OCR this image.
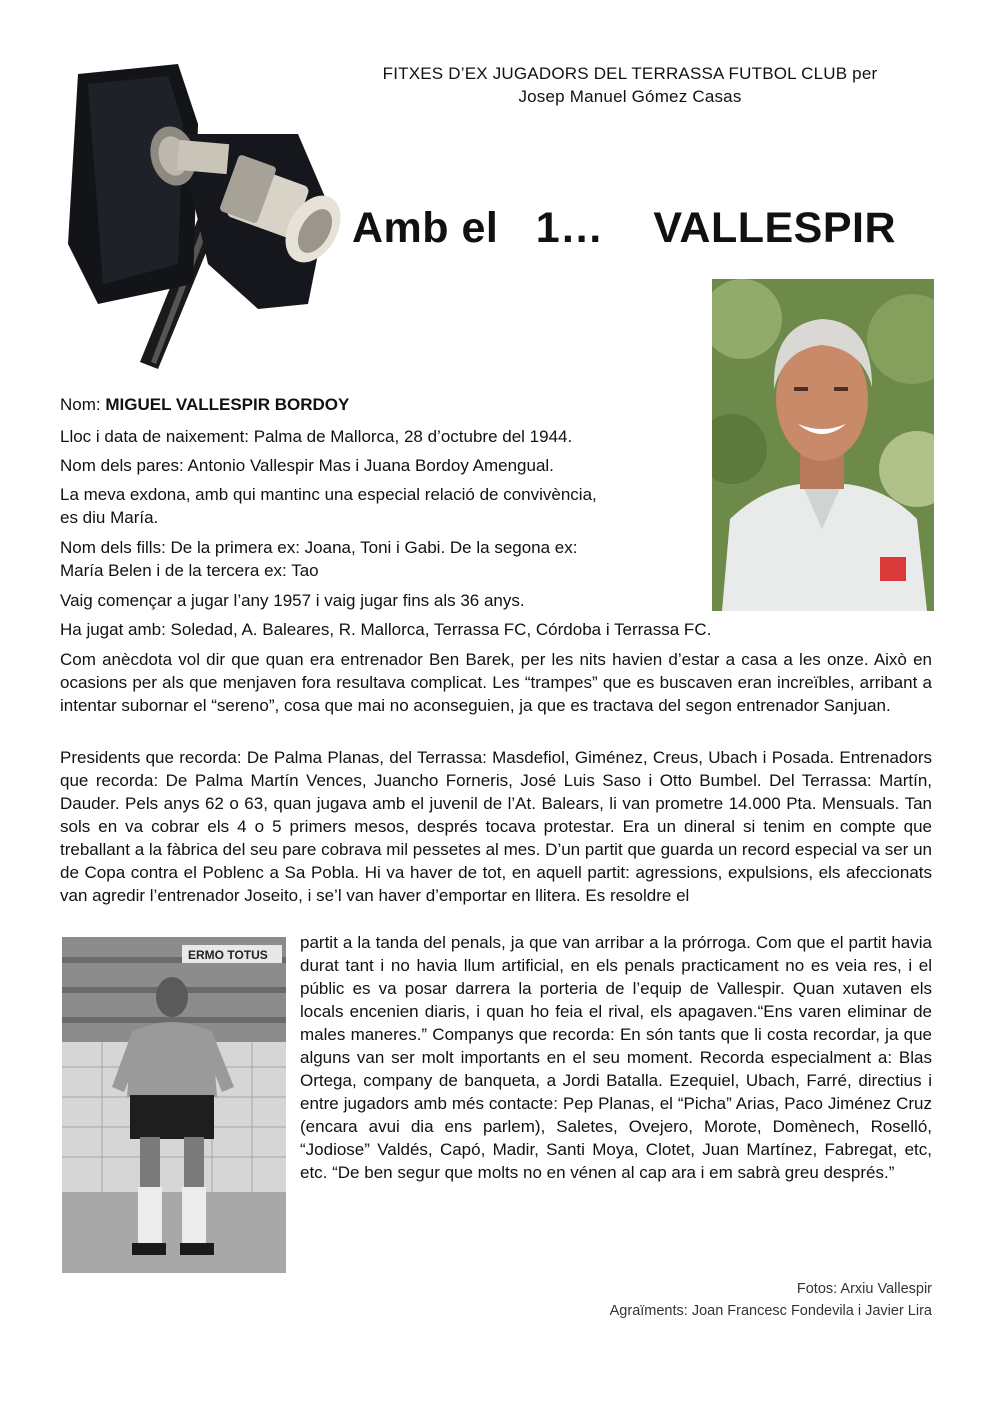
FITXES D’EX JUGADORS DEL TERRASSA FUTBOL CLUB per
Josep Manuel Gómez Casas
Amb el   1…    VALLESPIR
Nom: MIGUEL VALLESPIR BORDOY
Lloc i data de naixement: Palma de Mallorca, 28 d’octubre del 1944.
Nom dels pares: Antonio Vallespir Mas i Juana Bordoy Amengual.
La meva exdona, amb qui mantinc una especial relació de convivència,
es diu María.
Nom dels fills: De la primera ex: Joana, Toni i Gabi. De la segona ex:
María Belen i de la tercera ex: Tao
Vaig començar a jugar l’any 1957 i vaig jugar fins als 36 anys.
Ha jugat amb: Soledad, A. Baleares, R. Mallorca, Terrassa FC, Córdoba i Terrassa FC.
Com anècdota vol dir que quan era entrenador Ben Barek, per les nits havien d’estar a casa a les onze. Això en ocasions per als que menjaven fora resultava complicat. Les “trampes” que es buscaven eran increïbles, arribant a intentar subornar el “sereno”, cosa que mai no aconseguien, ja que es tractava del segon entrenador Sanjuan.
Presidents que recorda: De Palma Planas, del Terrassa: Masdefiol, Giménez, Creus, Ubach i Posada. Entrenadors que recorda: De Palma Martín Vences, Juancho Forneris, José Luis Saso i Otto Bumbel. Del Terrassa: Martín, Dauder. Pels anys 62 o 63, quan jugava amb el juvenil de l’At. Balears, li van prometre 14.000 Pta. Mensuals. Tan sols en va cobrar els 4 o 5 primers mesos, després tocava protestar. Era un dineral si tenim en compte que treballant a la fàbrica del seu pare cobrava mil pessetes al mes. D’un partit que guarda un record especial va ser un de Copa contra el Poblenc a Sa Pobla. Hi va haver de tot, en aquell partit: agressions, expulsions, els afeccionats van agredir l’entrenador Joseito, i se’l van haver d’emportar en llitera. Es resoldre el
ERMO TOTUS
partit a la tanda del penals, ja que van arribar a la prórroga. Com que el partit havia durat tant i no havia llum artificial, en els penals practicament no es veia res, i el públic es va posar darrera la porteria de l’equip de Vallespir. Quan xutaven els locals encenien diaris, i quan ho feia el rival, els apagaven.“Ens varen eliminar de males maneres.” Companys que recorda: En són tants que li costa recordar, ja que alguns van ser molt importants en el seu moment. Recorda especialment a: Blas Ortega, company de banqueta, a Jordi Batalla. Ezequiel, Ubach, Farré, directius i entre jugadors amb més contacte: Pep Planas, el “Picha” Arias, Paco Jiménez Cruz (encara avui dia ens parlem), Saletes, Ovejero, Morote, Domènech, Roselló, “Jodiose” Valdés, Capó, Madir, Santi Moya, Clotet, Juan Martínez, Fabregat, etc, etc. “De ben segur que molts no en vénen al cap ara i em sabrà greu després.”
Fotos: Arxiu Vallespir
Agraïments: Joan Francesc Fondevila i Javier Lira
